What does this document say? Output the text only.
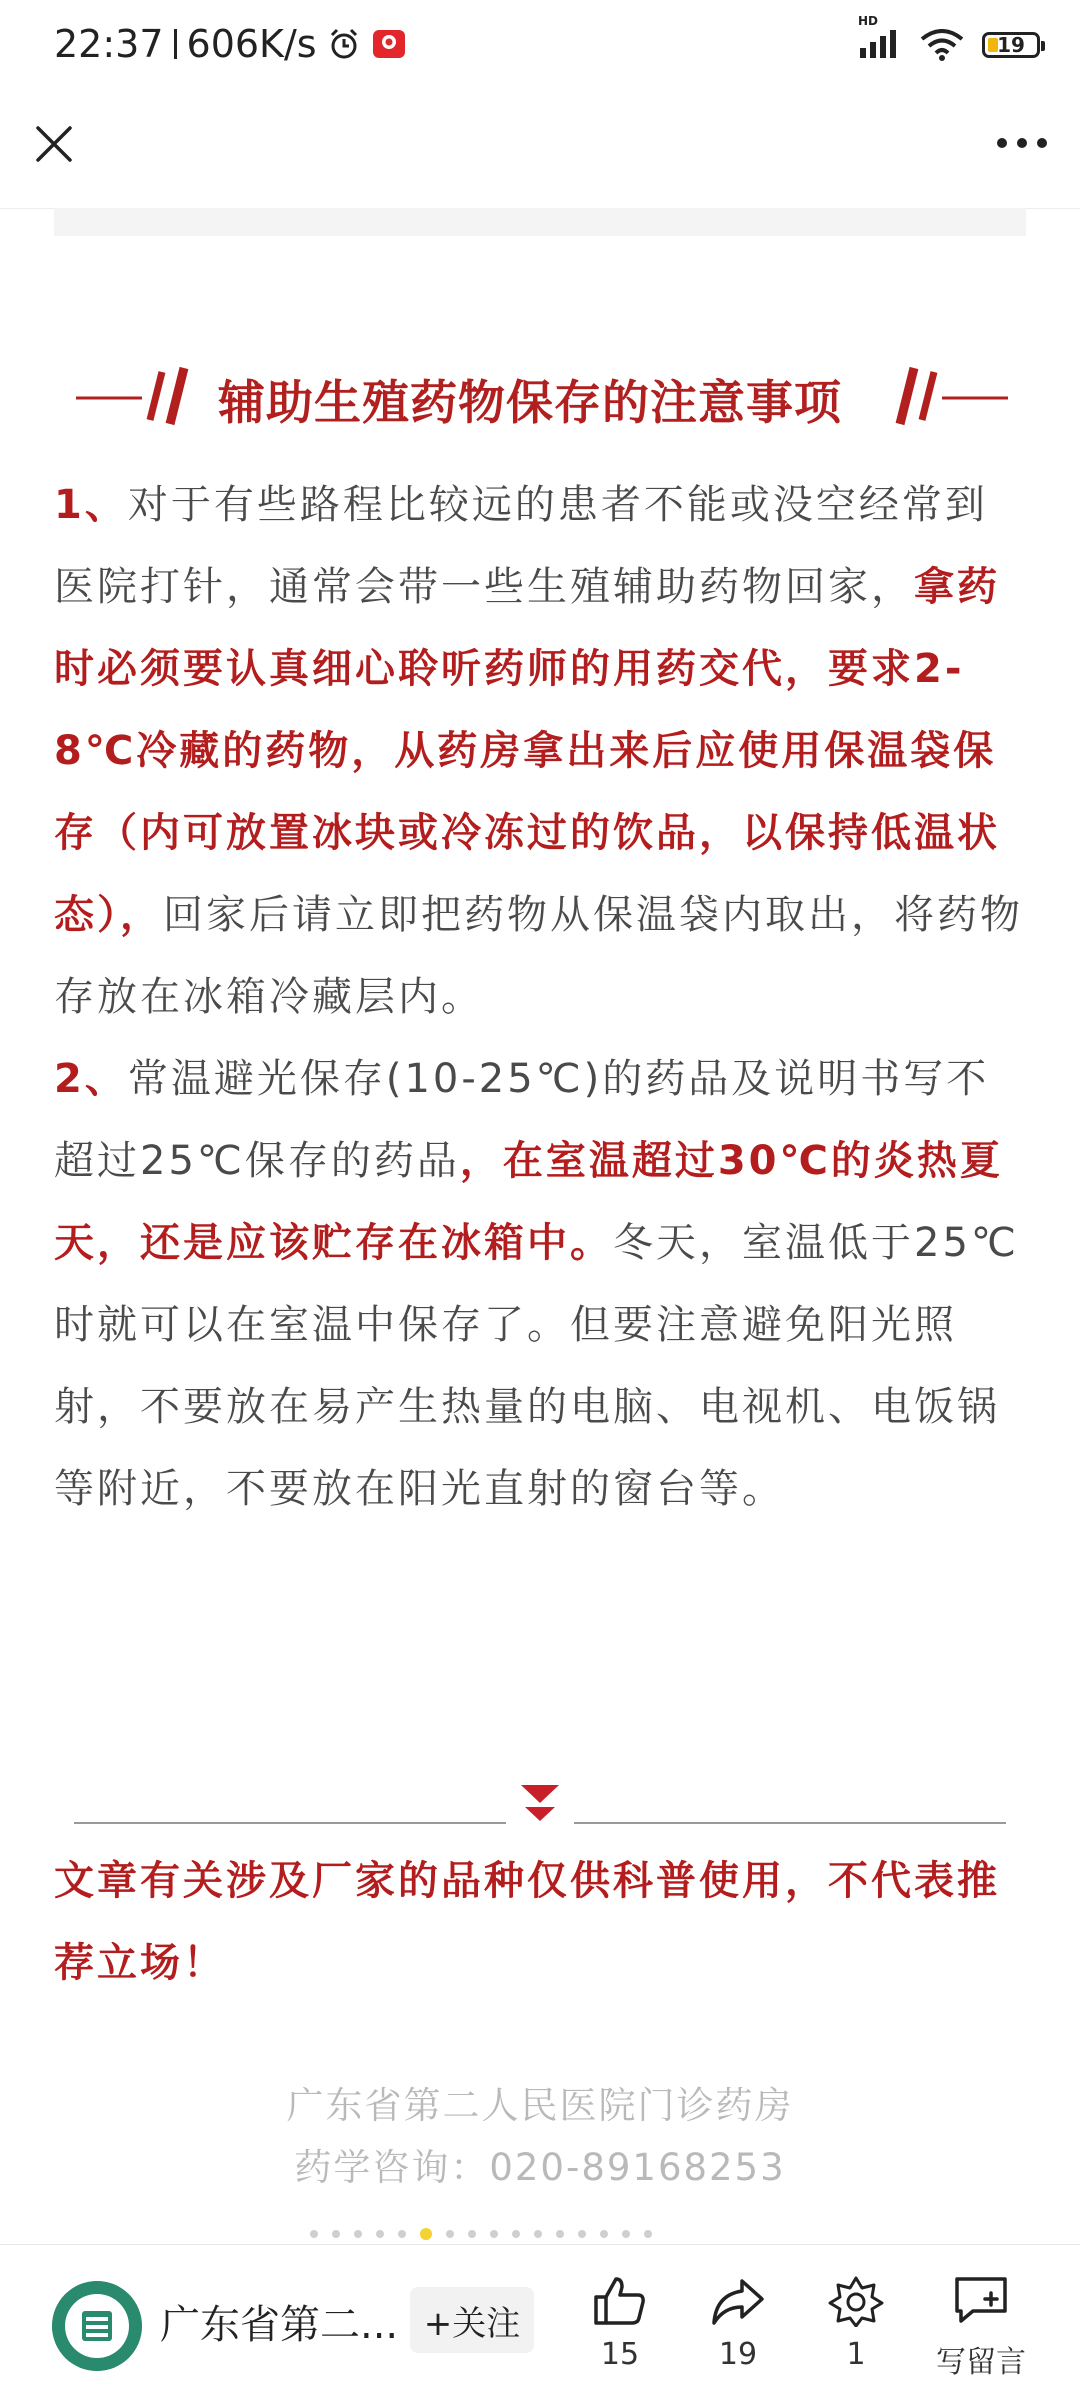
22:37 606K/s
HD
19
辅助生殖药物保存的注意事项

1、对于有些路程比较远的患者不能或没空经常到医院打针，通常会带一些生殖辅助药物回家，拿药时必须要认真细心聆听药师的用药交代，要求2-8℃冷藏的药物，从药房拿出来后应使用保温袋保存（内可放置冰块或冷冻过的饮品，以保持低温状态），回家后请立即把药物从保温袋内取出，将药物存放在冰箱冷藏层内。

2、常温避光保存(10-25℃)的药品及说明书写不超过25℃保存的药品，在室温超过30℃的炎热夏天，还是应该贮存在冰箱中。冬天，室温低于25℃时就可以在室温中保存了。但要注意避免阳光照射，不要放在易产生热量的电脑、电视机、电饭锅等附近，不要放在阳光直射的窗台等。

文章有关涉及厂家的品种仅供科普使用，不代表推荐立场！
广东省第二人民医院门诊药房
药学咨询：020-89168253
广东省第二... +关注
15	19	1	写留言
